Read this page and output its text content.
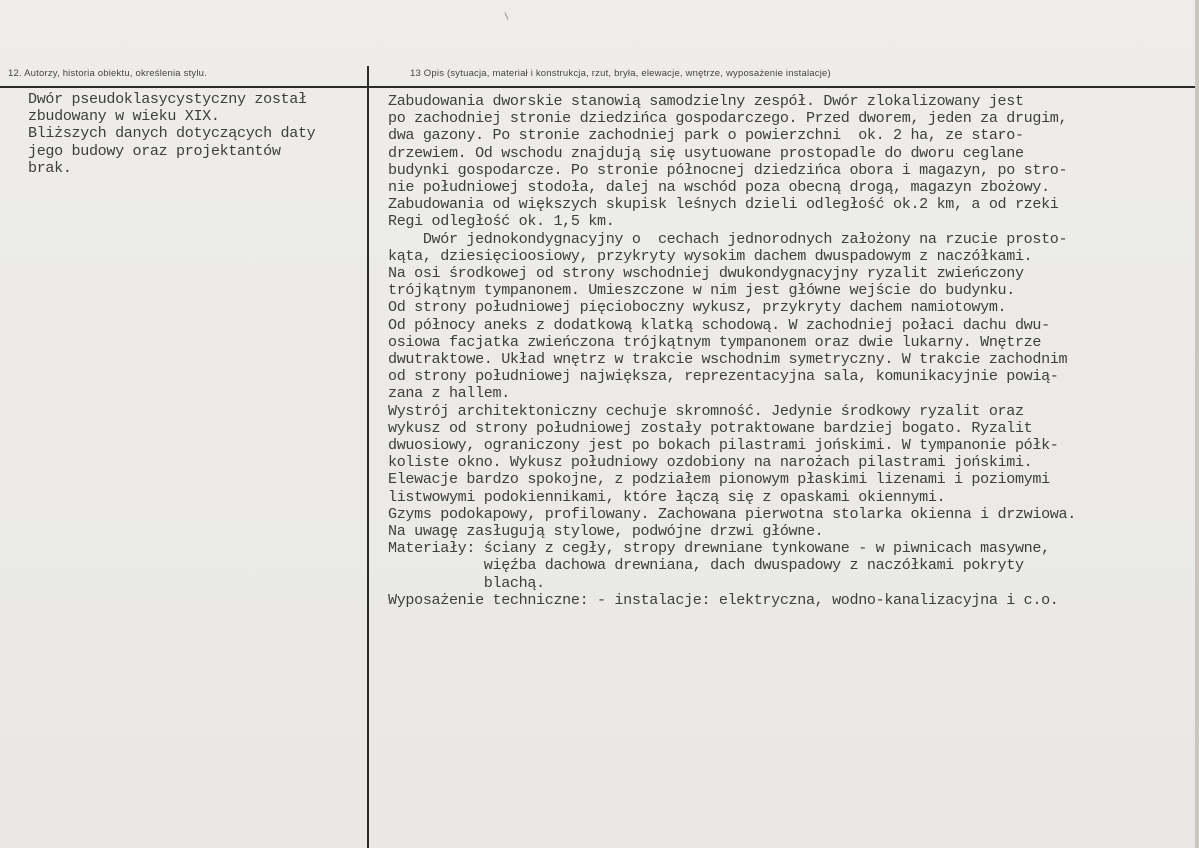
12. Autorzy, historia obiektu, określenia stylu.	13 Opis (sytuacja, materiał i konstrukcja, rzut, bryła, elewacje, wnętrze, wyposażenie instalacje)
Dwór pseudoklasycystyczny został
zbudowany w wieku XIX.
Bliższych danych dotyczących daty
jego budowy oraz projektantów
brak.
Zabudowania dworskie stanowią samodzielny zespół. Dwór zlokalizowany jest
po zachodniej stronie dziedzińca gospodarczego. Przed dworem, jeden za drugim,
dwa gazony. Po stronie zachodniej park o powierzchni  ok. 2 ha, ze staro-
drzewiem. Od wschodu znajdują się usytuowane prostopadle do dworu ceglane
budynki gospodarcze. Po stronie północnej dziedzińca obora i magazyn, po stro-
nie południowej stodoła, dalej na wschód poza obecną drogą, magazyn zbożowy.
Zabudowania od większych skupisk leśnych dzieli odległość ok.2 km, a od rzeki
Regi odległość ok. 1,5 km.
Dwór jednokondygnacyjny o  cechach jednorodnych założony na rzucie prosto-
kąta, dziesięcioosiowy, przykryty wysokim dachem dwuspadowym z naczółkami.
Na osi środkowej od strony wschodniej dwukondygnacyjny ryzalit zwieńczony
trójkątnym tympanonem. Umieszczone w nim jest główne wejście do budynku.
Od strony południowej pięcioboczny wykusz, przykryty dachem namiotowym.
Od północy aneks z dodatkową klatką schodową. W zachodniej połaci dachu dwu-
osiowa facjatka zwieńczona trójkątnym tympanonem oraz dwie lukarny. Wnętrze
dwutraktowe. Układ wnętrz w trakcie wschodnim symetryczny. W trakcie zachodnim
od strony południowej największa, reprezentacyjna sala, komunikacyjnie powią-
zana z hallem.
Wystrój architektoniczny cechuje skromność. Jedynie środkowy ryzalit oraz
wykusz od strony południowej zostały potraktowane bardziej bogato. Ryzalit
dwuosiowy, ograniczony jest po bokach pilastrami jońskimi. W tympanonie półk-
koliste okno. Wykusz południowy ozdobiony na narożach pilastrami jońskimi.
Elewacje bardzo spokojne, z podziałem pionowym płaskimi lizenami i poziomymi
listwowymi podokiennikami, które łączą się z opaskami okiennymi.
Gzyms podokapowy, profilowany. Zachowana pierwotna stolarka okienna i drzwiowa.
Na uwagę zasługują stylowe, podwójne drzwi główne.
Materiały: ściany z cegły, stropy drewniane tynkowane - w piwnicach masywne,
więźba dachowa drewniana, dach dwuspadowy z naczółkami pokryty
blachą.
Wyposażenie techniczne: - instalacje: elektryczna, wodno-kanalizacyjna i c.o.
